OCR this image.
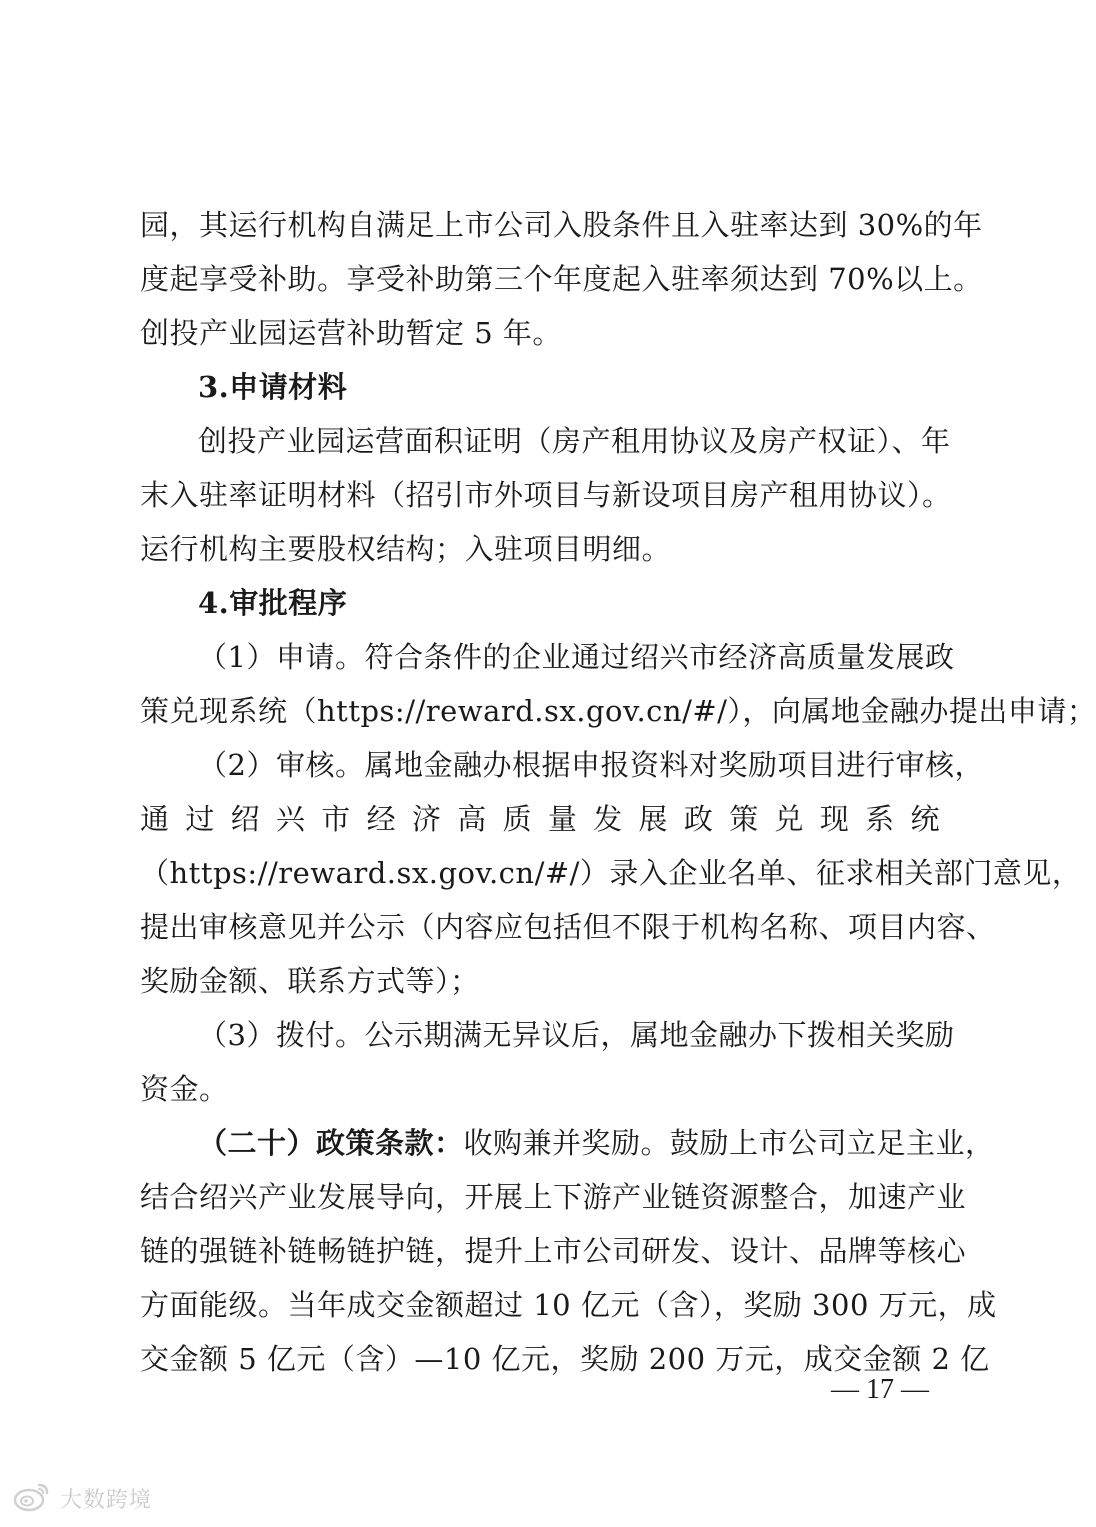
园，其运行机构自满足上市公司入股条件且入驻率达到 30%的年
度起享受补助。享受补助第三个年度起入驻率须达到 70%以上。
创投产业园运营补助暂定 5 年。
3.申请材料
创投产业园运营面积证明（房产租用协议及房产权证）、年
末入驻率证明材料（招引市外项目与新设项目房产租用协议）。
运行机构主要股权结构；入驻项目明细。
4.审批程序
（1）申请。符合条件的企业通过绍兴市经济高质量发展政
策兑现系统（https://reward.sx.gov.cn/#/），向属地金融办提出申请；
（2）审核。属地金融办根据申报资料对奖励项目进行审核，
通过绍兴市经济高质量发展政策兑现系统
（https://reward.sx.gov.cn/#/）录入企业名单、征求相关部门意见，
提出审核意见并公示（内容应包括但不限于机构名称、项目内容、
奖励金额、联系方式等）；
（3）拨付。公示期满无异议后，属地金融办下拨相关奖励
资金。
（二十）政策条款：收购兼并奖励。鼓励上市公司立足主业，
结合绍兴产业发展导向，开展上下游产业链资源整合，加速产业
链的强链补链畅链护链，提升上市公司研发、设计、品牌等核心
方面能级。当年成交金额超过 10 亿元（含），奖励 300 万元，成
交金额 5 亿元（含）—10 亿元，奖励 200 万元，成交金额 2 亿
— 17 —
大数跨境
